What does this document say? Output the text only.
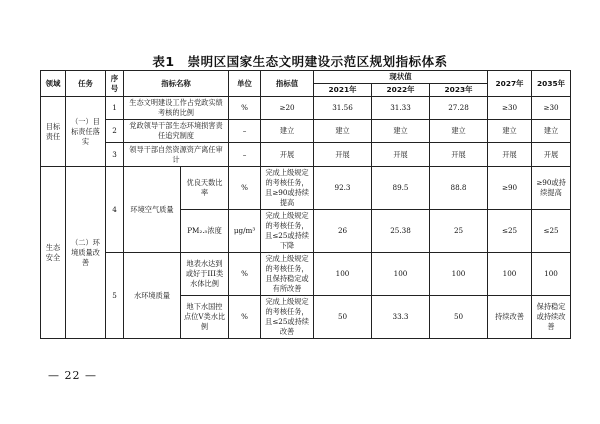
表1　崇明区国家生态文明建设示范区规划指标体系
领域	任务	序号	指标名称		单位	指标值	现状值			2027年	2035年
							2021年	2022年	2023年		
目标责任	（一）目标责任落实	1	生态文明建设工作占党政实绩考核的比例		%	≥20	31.56	31.33	27.28	≥30	≥30
		2	党政领导干部生态环境损害责任追究制度		–	建立	建立	建立	建立	建立	建立
		3	领导干部自然资源资产离任审计		–	开展	开展	开展	开展	开展	开展
生态安全	（二）环境质量改善	4	环境空气质量	优良天数比率	%	完成上级规定的考核任务，且≥90或持续提高	92.3	89.5	88.8	≥90	≥90或持续提高
				PM₂.₅浓度	μg/m³	完成上级规定的考核任务，且≤25或持续下降	26	25.38	25	≤25	≤25
		5	水环境质量	地表水达到或好于III类水体比例	%	完成上级规定的考核任务，且保持稳定或有所改善	100	100	100	100	100
				地下水国控点位V类水比例	%	完成上级规定的考核任务，且≤25或持续改善	50	33.3	50	持续改善	保持稳定或持续改善
— 22 —
